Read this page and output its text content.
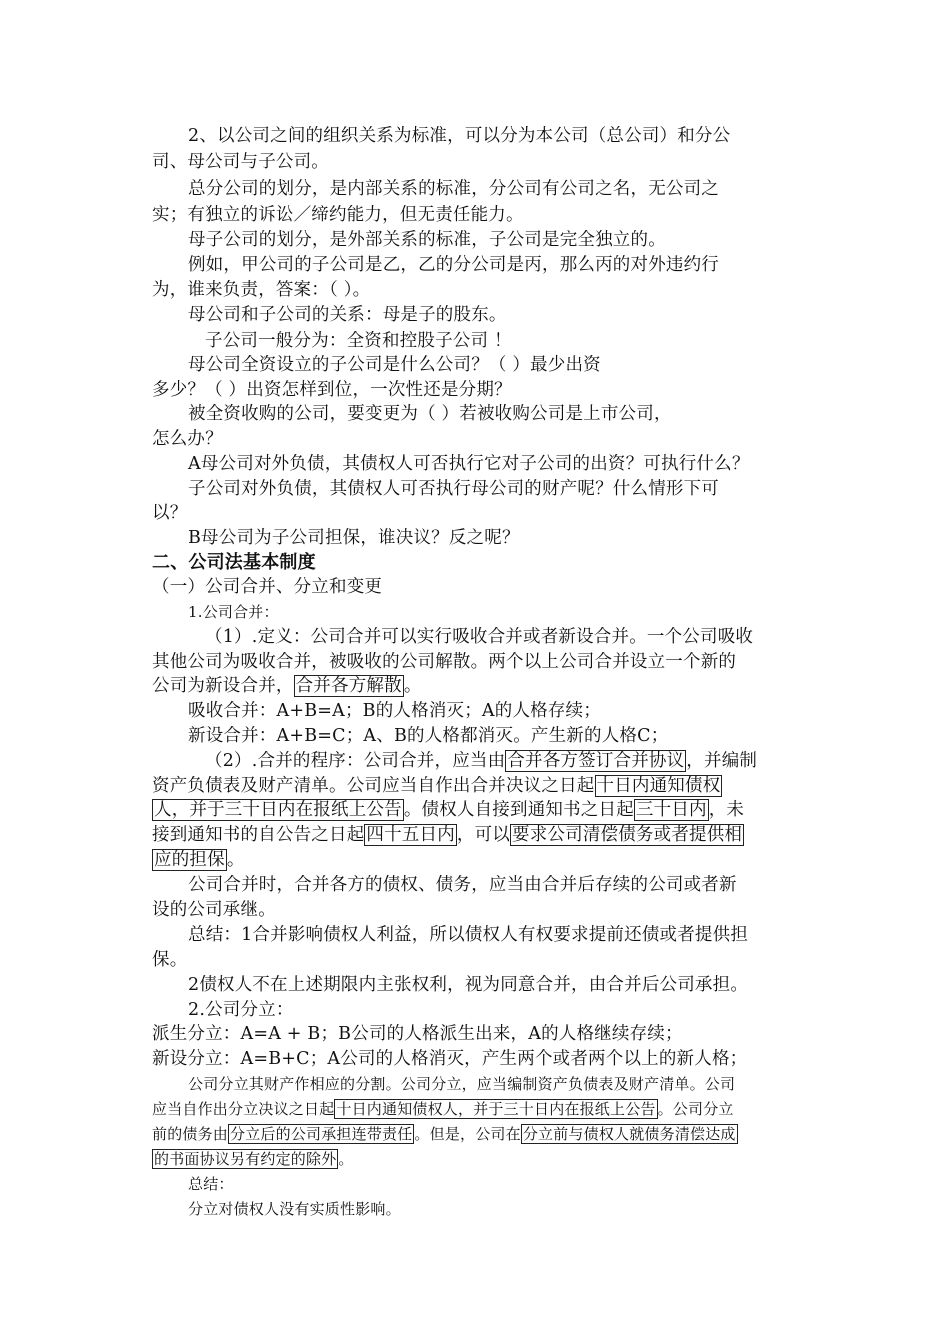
2、以公司之间的组织关系为标准，可以分为本公司（总公司）和分公
司、母公司与子公司。
总分公司的划分，是内部关系的标准，分公司有公司之名，无公司之
实；有独立的诉讼／缔约能力，但无责任能力。
母子公司的划分，是外部关系的标准，子公司是完全独立的。
例如，甲公司的子公司是乙，乙的分公司是丙，那么丙的对外违约行
为，谁来负责，答案：（ ）。
母公司和子公司的关系：母是子的股东。
子公司一般分为：全资和控股子公司 ！
母公司全资设立的子公司是什么公司？（ ）最少出资
多少？（ ）出资怎样到位，一次性还是分期？
被全资收购的公司，要变更为（ ）若被收购公司是上市公司，
怎么办？
A母公司对外负债，其债权人可否执行它对子公司的出资？可执行什么？
子公司对外负债，其债权人可否执行母公司的财产呢？什么情形下可
以？
B母公司为子公司担保，谁决议？反之呢？
二、公司法基本制度
（一）公司合并、分立和变更
1.公司合并：
（1）.定义：公司合并可以实行吸收合并或者新设合并。一个公司吸收
其他公司为吸收合并，被吸收的公司解散。两个以上公司合并设立一个新的
公司为新设合并， 合并各方解散 。
吸收合并：A+B=A；B的人格消灭；A的人格存续；
新设合并：A+B=C；A、B的人格都消灭。产生新的人格C；
（2）.合并的程序：公司合并，应当由 合并各方签订合并协议 ，并编制
资产负债表及财产清单。公司应当自作出合并决议之日起 十日内通知债权
人，并于三十日内在报纸上公告 。债权人自接到通知书之日起 三十日内 ，未
接到通知书的自公告之日起 四十五日内 ，可以 要求公司清偿债务或者提供相
应的担保 。
公司合并时，合并各方的债权、债务，应当由合并后存续的公司或者新
设的公司承继。
总结：1合并影响债权人利益，所以债权人有权要求提前还债或者提供担
保。
2债权人不在上述期限内主张权利，视为同意合并，由合并后公司承担。
2.公司分立：
派生分立：A=A + B；B公司的人格派生出来，A的人格继续存续；
新设分立：A=B+C；A公司的人格消灭，产生两个或者两个以上的新人格；
公司分立其财产作相应的分割。公司分立，应当编制资产负债表及财产清单。公司
应当自作出分立决议之日起 十日内通知债权人，并于三十日内在报纸上公告 。公司分立
前的债务由 分立后的公司承担连带责任 。但是，公司在 分立前与债权人就债务清偿达成
的书面协议另有约定的除外 。
总结：
分立对债权人没有实质性影响。
